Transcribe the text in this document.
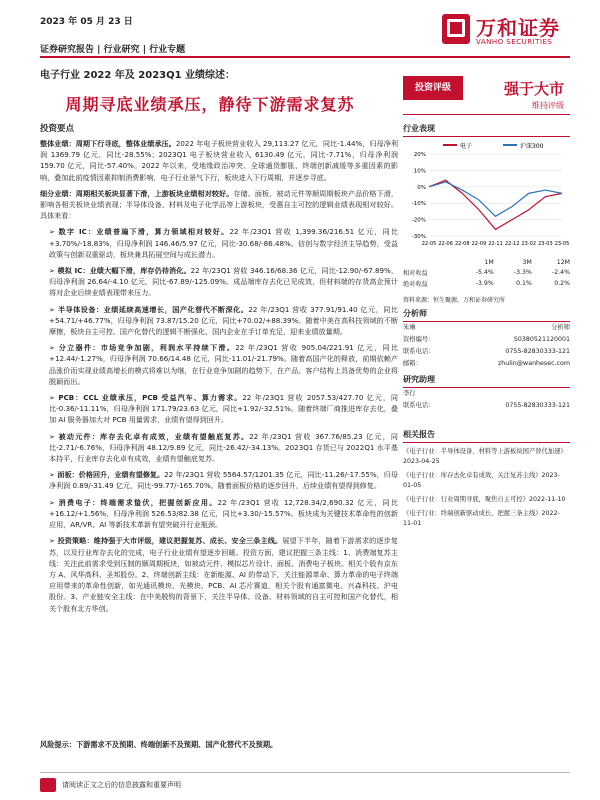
2023 年 05 月 23 日
证券研究报告 | 行业研究 | 行业专题
万和证券
VANHO SECURITIES
电子行业 2022 年及 2023Q1 业绩综述：
周期寻底业绩承压，静待下游需求复苏
投资要点

整体业绩：周期下行寻底，整体业绩承压。2022 年电子板块营业收入 29,113.27 亿元，同比-1.44%，归母净利润 1369.79 亿元，同比-28.55%；2023Q1 电子板块营业收入 6130.49 亿元，同比-7.71%，归母净利润 159.70 亿元，同比-57.40%。2022 年以来，受地缘政治冲突、全球通货膨胀、终端创新减缓等多重因素的影响，叠加此前疫情因素抑制消费影响，电子行业景气下行，板块进入下行周期，并逐步寻底。

细分业绩：周期相关板块显著下滑，上游板块业绩相对较好。存储、面板、被动元件等顺周期板块产品价格下滑，影响各相关板块业绩表现；半导体设备、材料及电子化学品等上游板块，受惠自主可控的逻辑业绩表现相对较好。具体来看：

➢ 数字 IC：业绩普遍下滑，算力领域相对较好。22 年/23Q1 营收 1,399.36/216.51 亿元，同比+3.70%/-18.83%，归母净利润 146.46/5.97 亿元，同比-30.68/-86.48%。信创与数字经济主导趋势，受益政策与创新双重驱动，板块兼具拓展空间与成长潜力。

➢ 模拟 IC：业绩大幅下滑，库存仍待消化。22 年/23Q1 营收 346.16/68.36 亿元，同比-12.90/-67.89%，归母净利润 26.64/-4.10 亿元，同比-67.89/-125.09%。成品端库存去化已见成效，但材料端的存货高企预计将对企业后续业绩表现带来压力。

➢ 半导体设备：业绩延续高速增长，国产化替代不断深化。22 年/23Q1 营收 377.91/91.40 亿元，同比+54.71/+46.77%，归母净利润 73.87/15.20 亿元，同比+70.02/+88.39%。随着中美在高科技领域的不断摩擦，板块自主可控、国产化替代的逻辑不断强化，国内企业在手订单充足，迎来业绩放量期。

➢ 分立器件：市场竞争加剧，利润水平持续下滑。22 年/23Q1 营收 905.04/221.91 亿元，同比+12.44/-1.27%，归母净利润 70.66/14.48 亿元，同比-11.01/-21.79%。随着高国产化的释放，前期依赖产品涨价而实现业绩高增长的模式将难以为继，在行业竞争加剧的趋势下，在产品、客户结构上具备优势的企业将脱颖而出。

➢ PCB：CCL 业绩承压，PCB 受益汽车、算力需求。22 年/23Q1 营收 2057.53/427.70 亿元，同比-0.36/-11.11%，归母净利润 171.79/23.63 亿元，同比+1.92/-32.51%。随着终端厂商推进库存去化，叠加 AI 服务器加大对 PCB 用量需求，业绩有望得到回升。

➢ 被动元件：库存去化卓有成效，业绩有望触底复苏。22 年/23Q1 营收 367.76/85.23 亿元，同比-2.71/-6.76%，归母净利润 48.12/9.89 亿元，同比-26.42/-34.13%。2023Q1 存货已与 2022Q1 水平基本持平，行业库存去化卓有成效，业绩有望触底复苏。

➢ 面板：价格回升，业绩有望修复。22 年/23Q1 营收 5564.57/1201.35 亿元，同比-11.26/-17.55%，归母净利润 0.89/-31.49 亿元，同比-99.77/-165.70%。随着面板价格的逐步回升，后续业绩有望得到修复。

➢ 消费电子：终端需求蛰伏，把握创新应用。22 年/23Q1 营收 12,728.34/2,690.32 亿元，同比+16.12/+1.56%，归母净利润 526.53/82.38 亿元，同比+3.30/-15.57%。板块成为关键技术革命性的创新应用，AR/VR、AI 等新技术革新有望突破开行业瓶颈。

➢ 投资策略：维持强于大市评级，建议把握复苏、成长、安全三条主线。展望下半年，随着下游需求的逐步复苏，以及行业库存去化的完成，电子行业业绩有望逐步回暖。投资方面，建议把握三条主线：1、消费端复苏主线：关注此前需求受到压制的顺周期板块，如被动元件、模拟芯片设计、面板、消费电子板块。相关个股有京东方 A、风华高科、圣邦股份。2、终端创新主线：在新能源、AI 的带动下，关注能源革命、算力革命的电子终端应用带来的革命性创新，如光通讯模块、光模块、PCB、AI 芯片赛道，相关个股有通富微电、兴森科技、沪电股份。3、产业链安全主线：在中美脱钩的背景下，关注半导体、设备、材料领域的自主可控和国产化替代，相关个股有北方华创。

风险提示：下游需求不及预期、终端创新不及预期、国产化替代不及预期。
请阅读正文之后的信息披露和重要声明
投资评级	强于大市
维持评级
行业表现
电子	沪深300
20%
10%
0%
-10%
-20%
-30%
22-05 22-06 22-08 22-09 22-11 22-12 23-02 23-03 23-05
	1M	3M	12M
相对收益	-5.4%	-3.3%	-2.4%
绝对收益	-3.9%	0.1%	0.2%
资料来源：恒生聚源，万和证券研究所
分析师
朱琳	分析师
资格编号：	S0380521120001
联系电话：	0755-82830333-121
邮箱：	zhulin@wanhesec.com
研究助理
李行
联系电话：	0755-82830333-121
相关报告

《电子行业：半导体设备、材料等上游板块国产替代加速》2023-04-25

《电子行业：库存去化卓有成效，关注复苏主线》2023-01-05

《电子行业：行业周期寻底，聚焦自主可控》2022-11-10

《电子行业：终端创新驱动成长，把握三条主线》2022-11-01
